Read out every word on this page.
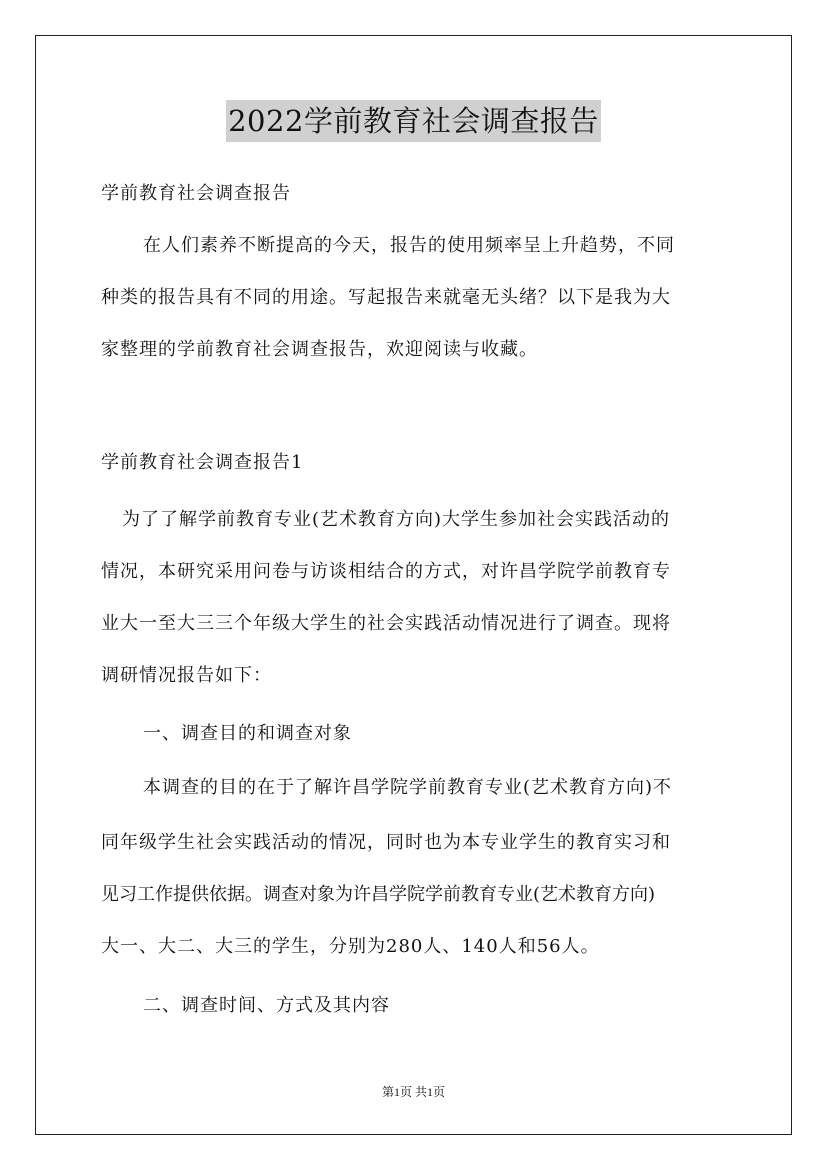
2022学前教育社会调查报告
学前教育社会调查报告
在人们素养不断提高的今天，报告的使用频率呈上升趋势，不同
种类的报告具有不同的用途。写起报告来就毫无头绪？以下是我为大
家整理的学前教育社会调查报告，欢迎阅读与收藏。
学前教育社会调查报告1
为了了解学前教育专业(艺术教育方向)大学生参加社会实践活动的
情况，本研究采用问卷与访谈相结合的方式，对许昌学院学前教育专
业大一至大三三个年级大学生的社会实践活动情况进行了调查。现将
调研情况报告如下：
一、调查目的和调查对象
本调查的目的在于了解许昌学院学前教育专业(艺术教育方向)不
同年级学生社会实践活动的情况，同时也为本专业学生的教育实习和
见习工作提供依据。调查对象为许昌学院学前教育专业(艺术教育方向)
大一、大二、大三的学生，分别为280人、140人和56人。
二、调查时间、方式及其内容
第1页 共1页
